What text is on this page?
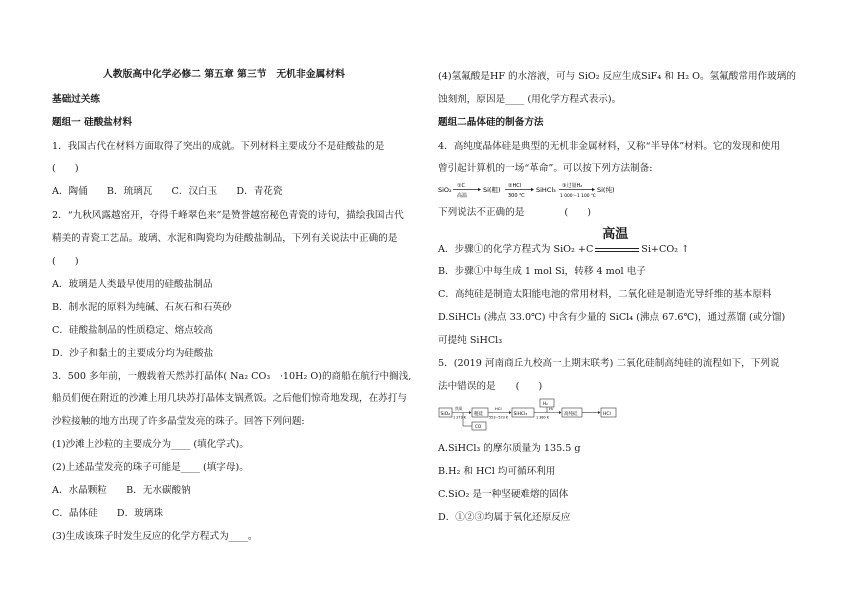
人教版高中化学必修二 第五章 第三节　无机非金属材料
基础过关练
题组一 硅酸盐材料
1．我国古代在材料方面取得了突出的成就。下列材料主要成分不是硅酸盐的是
(　　)
A．陶俑　　B．琉璃瓦　　C．汉白玉　　D．青花瓷
2．“九秋风露越窑开，夺得千峰翠色来”是赞誉越窑秘色青瓷的诗句，描绘我国古代
精美的青瓷工艺品。玻璃、水泥和陶瓷均为硅酸盐制品，下列有关说法中正确的是
(　　)
A．玻璃是人类最早使用的硅酸盐制品
B．制水泥的原料为纯碱、石灰石和石英砂
C．硅酸盐制品的性质稳定、熔点较高
D．沙子和黏土的主要成分均为硅酸盐
3．500 多年前，一艘载着天然苏打晶体( Na₂ CO₃　·10H₂ O)的商船在航行中搁浅,
船员们便在附近的沙滩上用几块苏打晶体支锅煮饭。之后他们惊奇地发现，在苏打与
沙粒接触的地方出现了许多晶莹发亮的珠子。回答下列问题:
(1)沙滩上沙粒的主要成分为____ (填化学式)。
(2)上述晶莹发亮的珠子可能是____ (填字母)。
A．水晶颗粒　　B．无水碳酸钠
C．晶体硅　　D．玻璃珠
(3)生成该珠子时发生反应的化学方程式为____。
(4)氢氟酸是HF 的水溶液，可与 SiO₂ 反应生成SiF₄ 和 H₂ O。氢氟酸常用作玻璃的
蚀刻剂，原因是____ (用化学方程式表示)。
题组二晶体硅的制备方法
4．高纯度晶体硅是典型的无机非金属材料，又称“半导体”材料。它的发现和使用
曾引起计算机的一场“革命”。可以按下列方法制备:
SiO₂ ①C
高温
Si(粗) ②HCl
300 ℃
SiHCl₃ ③过量H₂
1 000～1 100 ℃
Si(纯)
下列说法不正确的是	(　　)
A．步骤①的化学方程式为 SiO₂ +C
高温
Si+CO₂ ↑
B．步骤①中每生成 1 mol Si，转移 4 mol 电子
C．高纯硅是制造太阳能电池的常用材料，二氧化硅是制造光导纤维的基本原料
D.SiHCl₃ (沸点 33.0℃) 中含有少量的 SiCl₄ (沸点 67.6℃)，通过蒸馏 (或分馏)
可提纯 SiHCl₃
5．(2019 河南商丘九校高一上期末联考) 二氧化硅制高纯硅的流程如下，下列说
法中错误的是 (　　)
SiO₂
焦炭
1 273 K
粗硅
CO
HCl
553~573 K
SiHCl₃
H₂
H₂
1 380 K
高纯硅	HCl
A.SiHCl₃ 的摩尔质量为 135.5 g
B.H₂ 和 HCl 均可循环利用
C.SiO₂ 是一种坚硬难熔的固体
D．①②③均属于氧化还原反应
